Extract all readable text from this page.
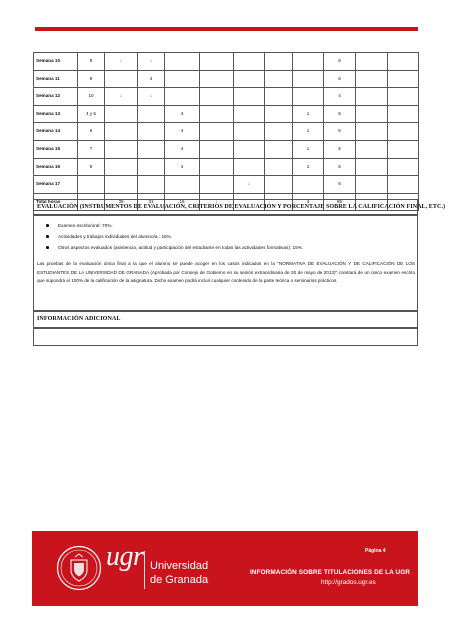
Semana 10	9	↓	↓						6		
Semana 11	9		4						6		
Semana 12	10	↓	↓						4		
Semana 13	4 y 5			4				1	5		
Semana 14	6			4				1	5		
Semana 15	7			4				1	5		
Semana 16	8			4				1	5		
Semana 17						↓			6		
Total horas		39	31	16	↓			4	85		
EVALUACIÓN (INSTRUMENTOS DE EVALUACIÓN, CRITERIOS DE EVALUACIÓN Y PORCENTAJE SOBRE LA CALIFICACIÓN FINAL, ETC.)
Examen escrito/oral: 70%.
Actividades y trabajos individuales del alumno/a.: 15%.
Otros aspectos evaluados (asistencia, actitud y participación del estudiante en todas las actividades formativas): 15%.
Las pruebas de la evaluación única final a la que el alumno se puede acoger en los casos indicados en la "NORMATIVA DE EVALUACIÓN Y DE CALIFICACIÓN DE LOS ESTUDIANTES DE LA UNIVERSIDAD DE GRANADA (Aprobada por Consejo de Gobierno en su sesión extraordinaria de 20 de mayo de 2013)" constará de un único examen escrito que supondrá el 100% de la calificación de la asignatura. Dicho examen podrá incluir cualquier contenido de la parte teórica o seminarios prácticos.
INFORMACIÓN ADICIONAL
ugr Universidad
de Granada
Página 4
INFORMACIÓN SOBRE TITULACIONES DE LA UGR
http://grados.ugr.es
